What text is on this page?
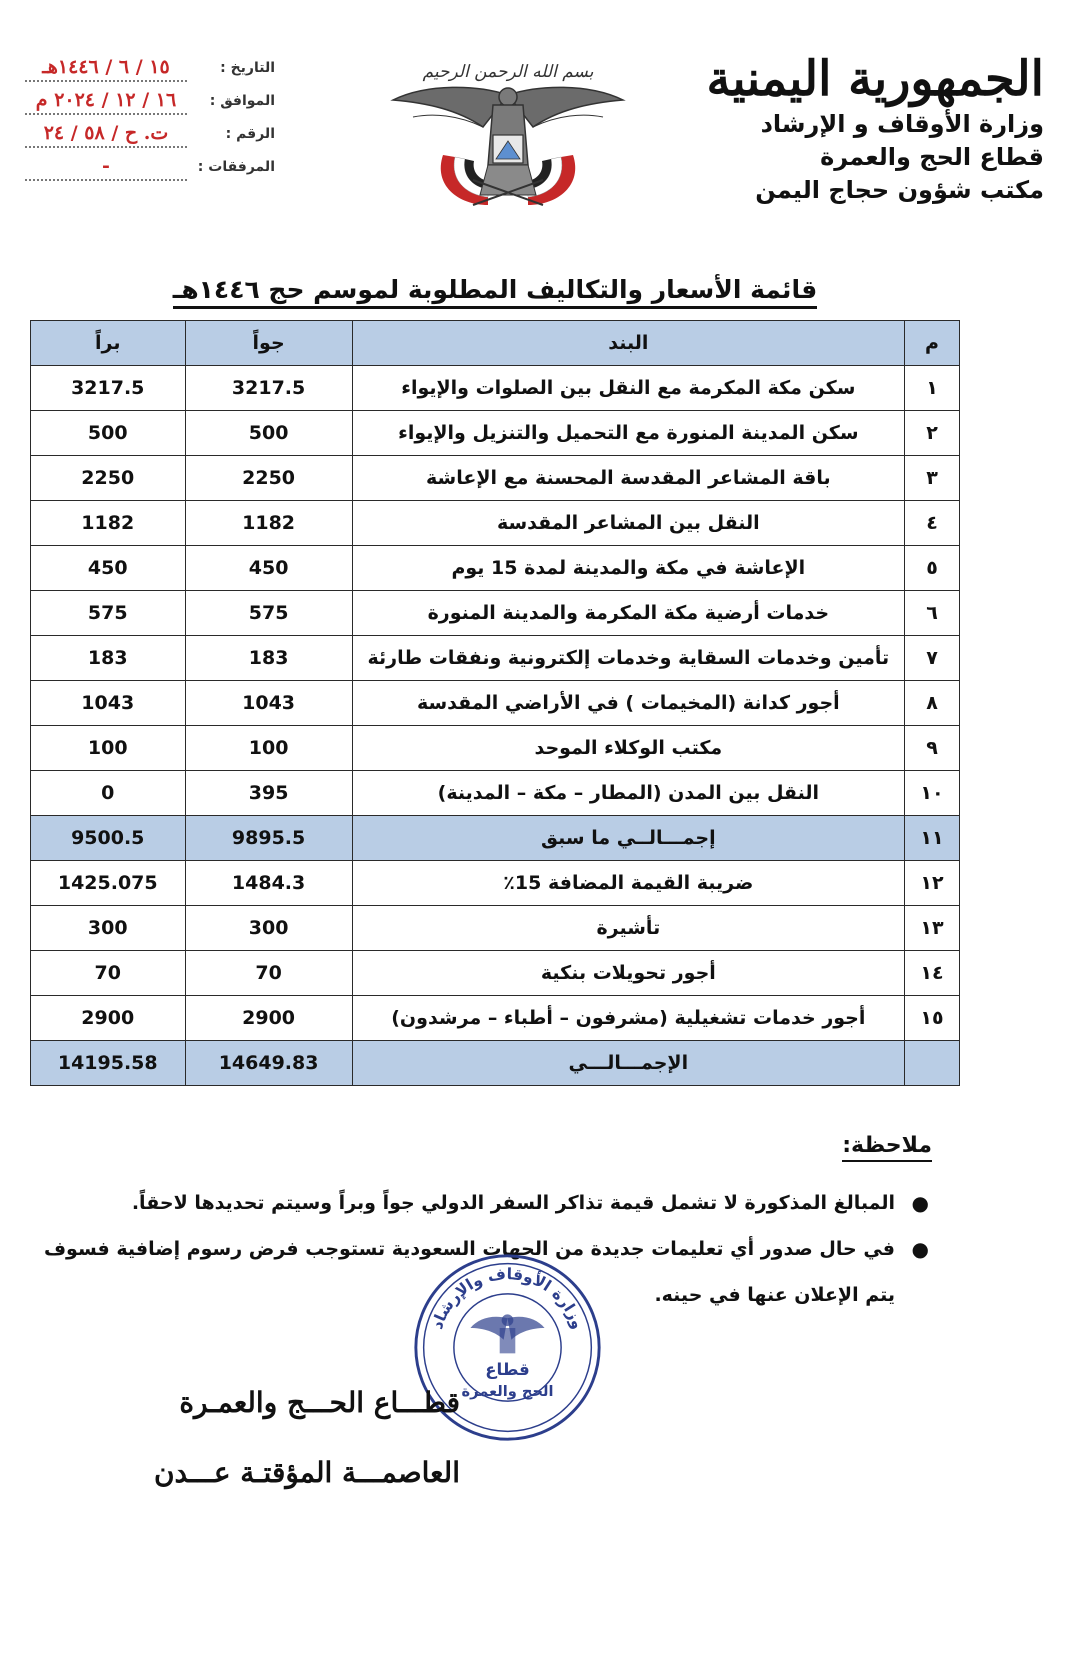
الجمهورية اليمنية
وزارة الأوقاف و الإرشاد
قطاع الحج والعمرة
مكتب شؤون حجاج اليمن
بسم الله الرحمن الرحيم
التاريخ :
١٥ / ٦ / ١٤٤٦هـ
الموافق :
١٦ / ١٢ / ٢٠٢٤ م
الرقم :
ت. ح / ٥٨ / ٢٤
المرفقات :
-
قائمة الأسعار والتكاليف المطلوبة لموسم حج ١٤٤٦هـ
م	البند	جواً	براً
١	سكن مكة المكرمة مع النقل بين الصلوات والإيواء	3217.5	3217.5
٢	سكن المدينة المنورة مع التحميل والتنزيل والإيواء	500	500
٣	باقة المشاعر المقدسة المحسنة مع الإعاشة	2250	2250
٤	النقل بين المشاعر المقدسة	1182	1182
٥	الإعاشة في مكة والمدينة لمدة 15 يوم	450	450
٦	خدمات أرضية مكة المكرمة والمدينة المنورة	575	575
٧	تأمين وخدمات السقاية وخدمات إلكترونية ونفقات طارئة	183	183
٨	أجور كدانة (المخيمات ) في الأراضي المقدسة	1043	1043
٩	مكتب الوكلاء الموحد	100	100
١٠	النقل بين المدن (المطار – مكة – المدينة)	395	0
١١	إجمـــالــي ما سبق	9895.5	9500.5
١٢	ضريبة القيمة المضافة 15٪	1484.3	1425.075
١٣	تأشيرة	300	300
١٤	أجور تحويلات بنكية	70	70
١٥	أجور خدمات تشغيلية (مشرفون – أطباء – مرشدون)	2900	2900
	الإجمـــالـــي	14649.83	14195.58
ملاحظة:
●
المبالغ المذكورة لا تشمل قيمة تذاكر السفر الدولي جواً وبراً وسيتم تحديدها لاحقاً.
●
في حال صدور أي تعليمات جديدة من الجهات السعودية تستوجب فرض رسوم إضافية فسوف يتم الإعلان عنها في حينه.
وزارة الأوقاف والإرشاد
قطاع
الحج والعمرة
قطـــاع الحـــج والعمـرة
العاصمـــة المؤقتـة عـــدن
